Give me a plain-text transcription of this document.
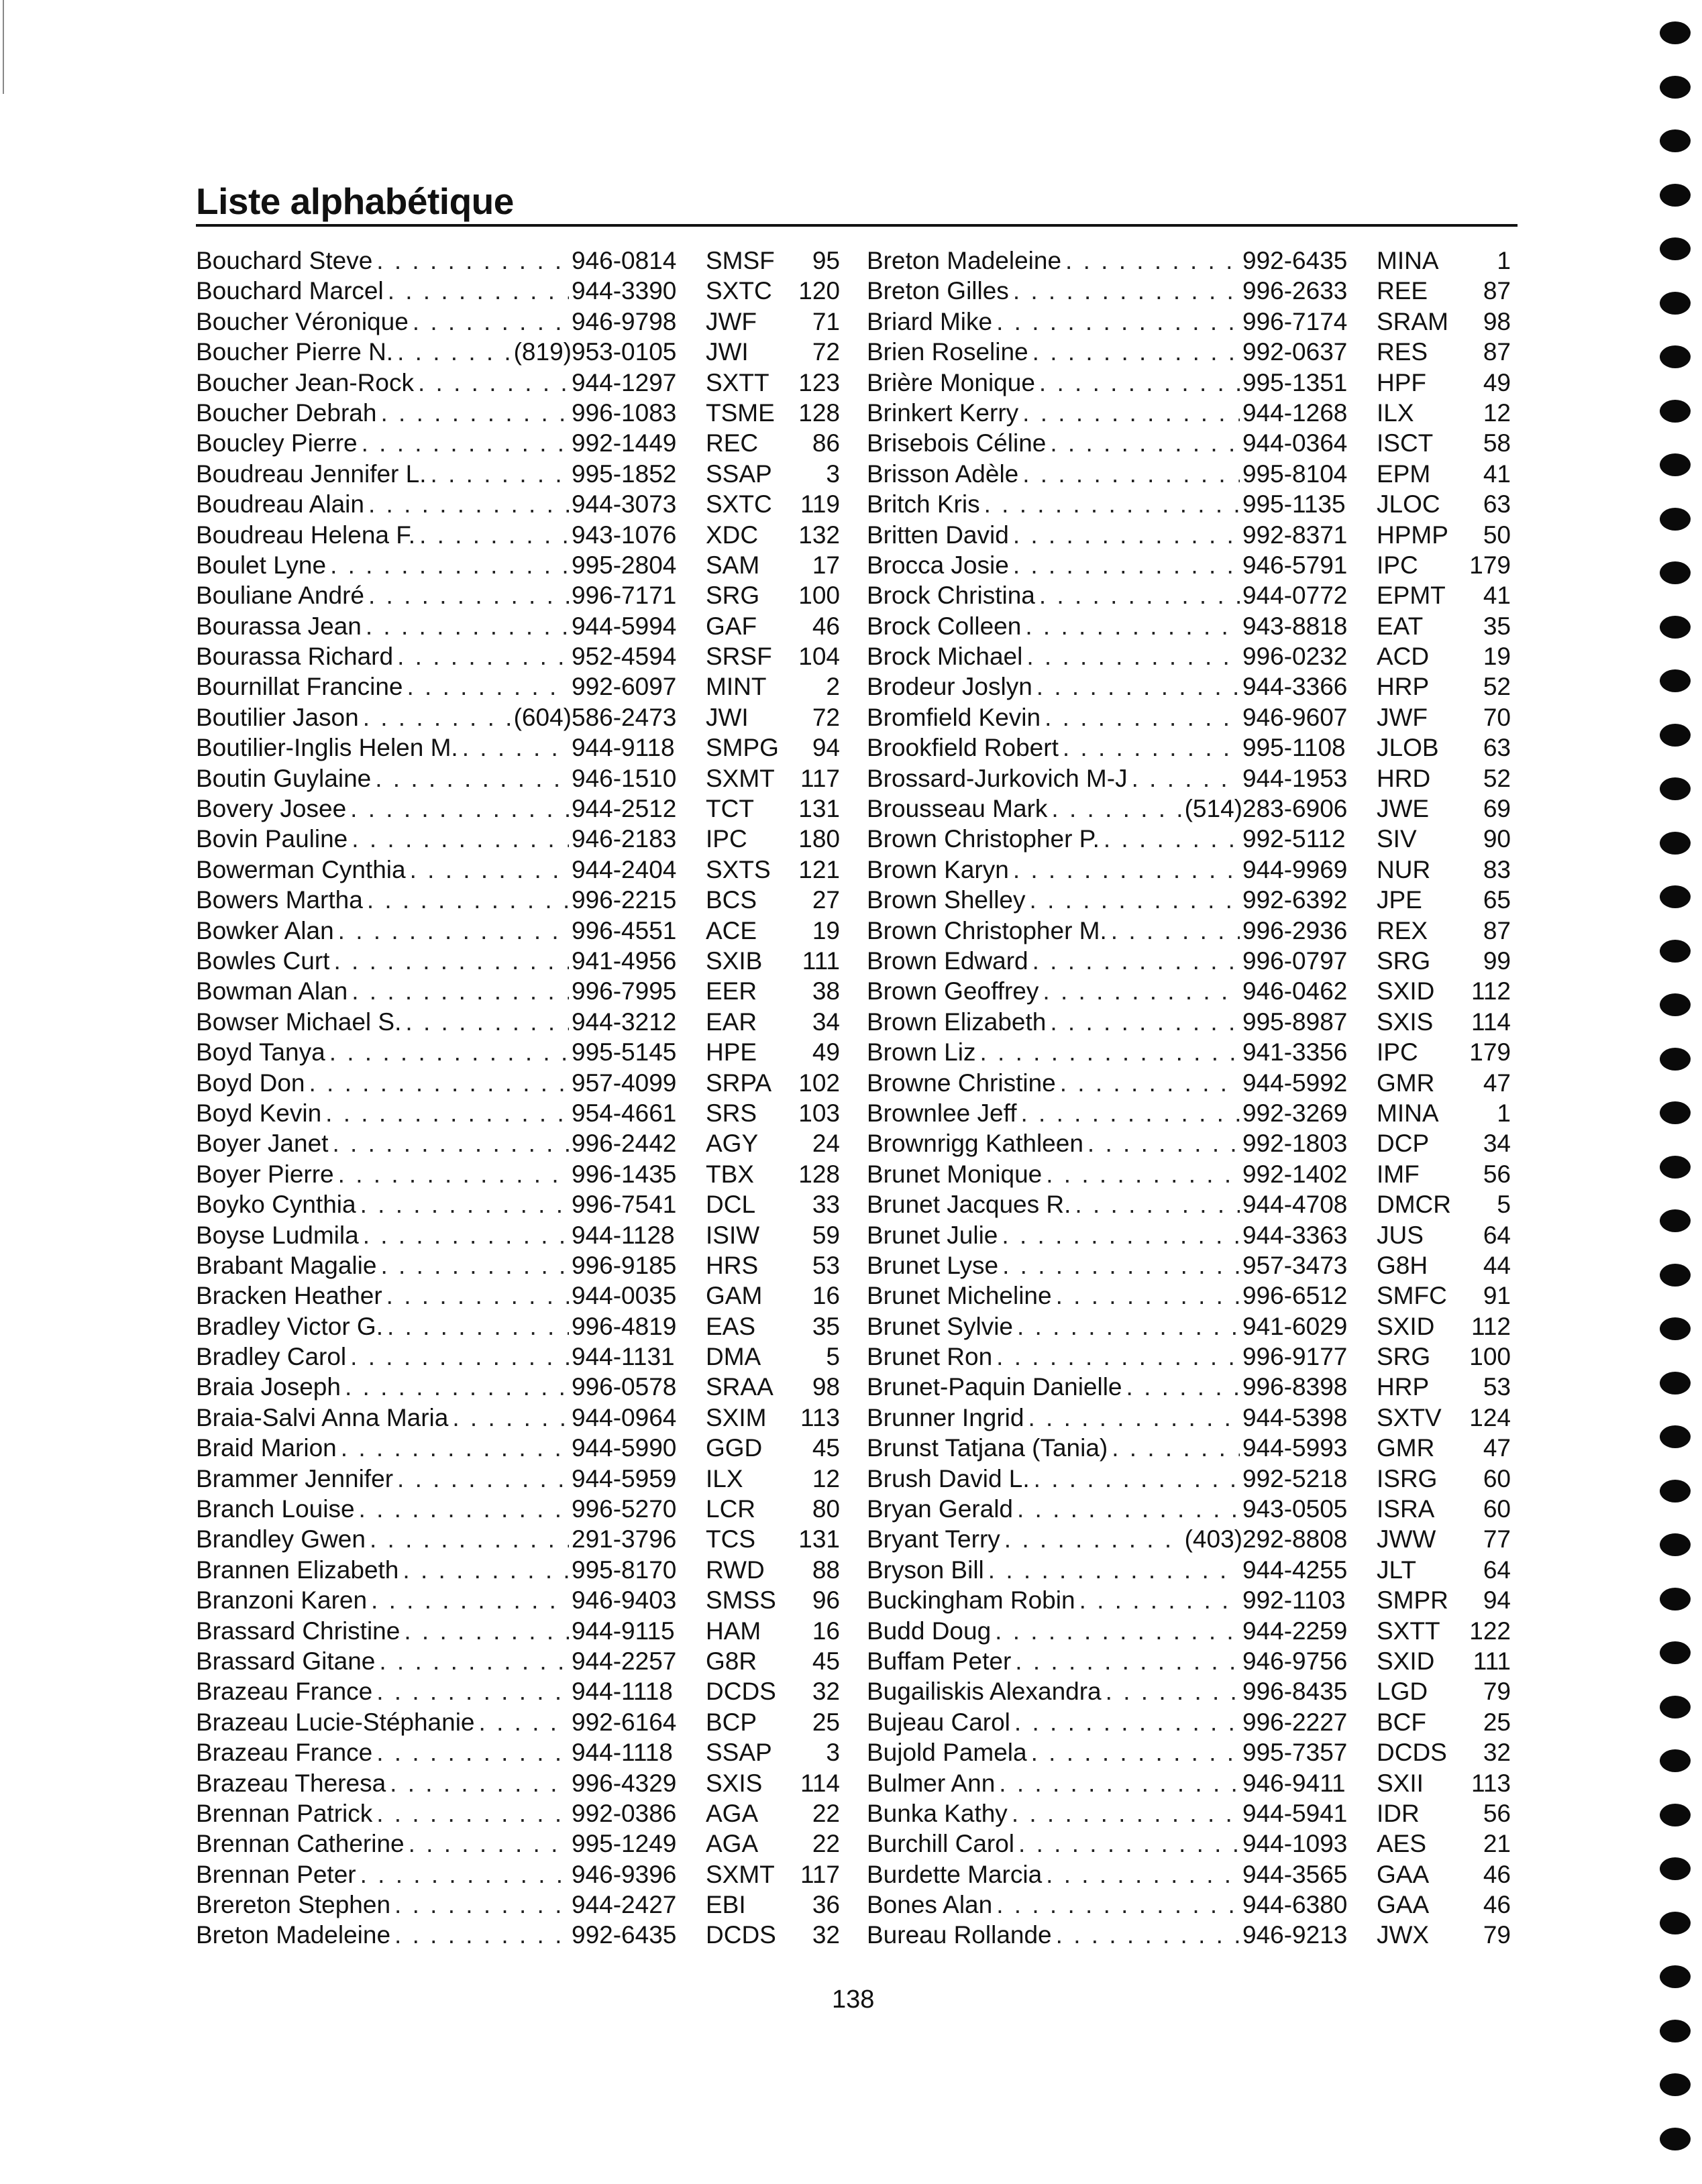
Liste alphabétique
Bouchard Steve . . .	946-0814	SMSF	95
Bouchard Marcel . . .	944-3390	SXTC	120
Boucher Véronique . . .	946-9798	JWF	71
Boucher Pierre N. . . .	(819) 953-0105	JWI	72
Boucher Jean-Rock . . .	944-1297	SXTT	123
Boucher Debrah . . .	996-1083	TSME 128
Boucley Pierre . . .	992-1449	REC	86
Boudreau Jennifer L. . . .	995-1852	SSAP	3
Boudreau Alain . . .	944-3073	SXTC	119
Boudreau Helena F. . . .	943-1076	XDC	132
Boulet Lyne . . .	995-2804	SAM	17
Bouliane André . . .	996-7171	SRG	100
Bourassa Jean . . .	944-5994	GAF	46
Bourassa Richard . . .	952-4594	SRSF	104
Bournillat Francine . . .	992-6097	MINT	2
Boutilier Jason . . .	(604) 586-2473	JWI	72
Boutilier-Inglis Helen M. . . .	944-9118	SMPG	94
Boutin Guylaine . . .	946-1510	SXMT	117
Bovery Josee . . .	944-2512	TCT	131
Bovin Pauline . . .	946-2183	IPC	180
Bowerman Cynthia . . .	944-2404	SXTS	121
Bowers Martha . . .	996-2215	BCS	27
Bowker Alan . . .	996-4551	ACE	19
Bowles Curt . . .	941-4956	SXIB	111
Bowman Alan . . .	996-7995	EER	38
Bowser Michael S. . . .	944-3212	EAR	34
Boyd Tanya . . .	995-5145	HPE	49
Boyd Don . . .	957-4099	SRPA	102
Boyd Kevin . . .	954-4661	SRS	103
Boyer Janet . . .	996-2442	AGY	24
Boyer Pierre . . .	996-1435	TBX	128
Boyko Cynthia . . .	996-7541	DCL	33
Boyse Ludmila . . .	944-1128	ISIW	59
Brabant Magalie . . .	996-9185	HRS	53
Bracken Heather . . .	944-0035	GAM	16
Bradley Victor G. . . .	996-4819	EAS	35
Bradley Carol . . .	944-1131	DMA	5
Braia Joseph . . .	996-0578	SRAA	98
Braia-Salvi Anna Maria . . .	944-0964	SXIM	113
Braid Marion . . .	944-5990	GGD	45
Brammer Jennifer . . .	944-5959	ILX	12
Branch Louise . . .	996-5270	LCR	80
Brandley Gwen . . .	291-3796	TCS	131
Brannen Elizabeth . . .	995-8170	RWD	88
Branzoni Karen . . .	946-9403	SMSS	96
Brassard Christine . . .	944-9115	HAM	16
Brassard Gitane . . .	944-2257	G8R	45
Brazeau France . . .	944-1118	DCDS	32
Brazeau Lucie-Stéphanie . . .	992-6164	BCP	25
Brazeau France . . .	944-1118	SSAP	3
Brazeau Theresa . . .	996-4329	SXIS	114
Brennan Patrick . . .	992-0386	AGA	22
Brennan Catherine . . .	995-1249	AGA	22
Brennan Peter . . .	946-9396	SXMT	117
Brereton Stephen . . .	944-2427	EBI	36
Breton Madeleine . . .	992-6435	DCDS	32
Breton Madeleine . . .	992-6435	MINA	1
Breton Gilles . . .	996-2633	REE	87
Briard Mike . . .	996-7174	SRAM	98
Brien Roseline . . .	992-0637	RES	87
Brière Monique . . .	995-1351	HPF	49
Brinkert Kerry . . .	944-1268	ILX	12
Brisebois Céline . . .	944-0364	ISCT	58
Brisson Adèle . . .	995-8104	EPM	41
Britch Kris . . .	995-1135	JLOC	63
Britten David . . .	992-8371	HPMP	50
Brocca Josie . . .	946-5791	IPC	179
Brock Christina . . .	944-0772	EPMT	41
Brock Colleen . . .	943-8818	EAT	35
Brock Michael . . .	996-0232	ACD	19
Brodeur Joslyn . . .	944-3366	HRP	52
Bromfield Kevin . . .	946-9607	JWF	70
Brookfield Robert . . .	995-1108	JLOB	63
Brossard-Jurkovich M-J . . .	944-1953	HRD	52
Brousseau Mark . . .	(514) 283-6906	JWE	69
Brown Christopher P. . . .	992-5112	SIV	90
Brown Karyn . . .	944-9969	NUR	83
Brown Shelley . . .	992-6392	JPE	65
Brown Christopher M. . . .	996-2936	REX	87
Brown Edward . . .	996-0797	SRG	99
Brown Geoffrey . . .	946-0462	SXID	112
Brown Elizabeth . . .	995-8987	SXIS	114
Brown Liz . . .	941-3356	IPC	179
Browne Christine . . .	944-5992	GMR	47
Brownlee Jeff . . .	992-3269	MINA	1
Brownrigg Kathleen . . .	992-1803	DCP	34
Brunet Monique . . .	992-1402	IMF	56
Brunet Jacques R. . . .	944-4708	DMCR	5
Brunet Julie . . .	944-3363	JUS	64
Brunet Lyse . . .	957-3473	G8H	44
Brunet Micheline . . .	996-6512	SMFC	91
Brunet Sylvie . . .	941-6029	SXID	112
Brunet Ron . . .	996-9177	SRG	100
Brunet-Paquin Danielle . . .	996-8398	HRP	53
Brunner Ingrid . . .	944-5398	SXTV	124
Brunst Tatjana (Tania) . . .	944-5993	GMR	47
Brush David L. . . .	992-5218	ISRG	60
Bryan Gerald . . .	943-0505	ISRA	60
Bryant Terry . . .	(403) 292-8808	JWW	77
Bryson Bill . . .	944-4255	JLT	64
Buckingham Robin . . .	992-1103	SMPR	94
Budd Doug . . .	944-2259	SXTT	122
Buffam Peter . . .	946-9756	SXID	111
Bugailiskis Alexandra . . .	996-8435	LGD	79
Bujeau Carol . . .	996-2227	BCF	25
Bujold Pamela . . .	995-7357	DCDS	32
Bulmer Ann . . .	946-9411	SXII	113
Bunka Kathy . . .	944-5941	IDR	56
Burchill Carol . . .	944-1093	AES	21
Burdette Marcia . . .	944-3565	GAA	46
Bones Alan . . .	944-6380	GAA	46
Bureau Rollande . . .	946-9213	JWX	79
138
